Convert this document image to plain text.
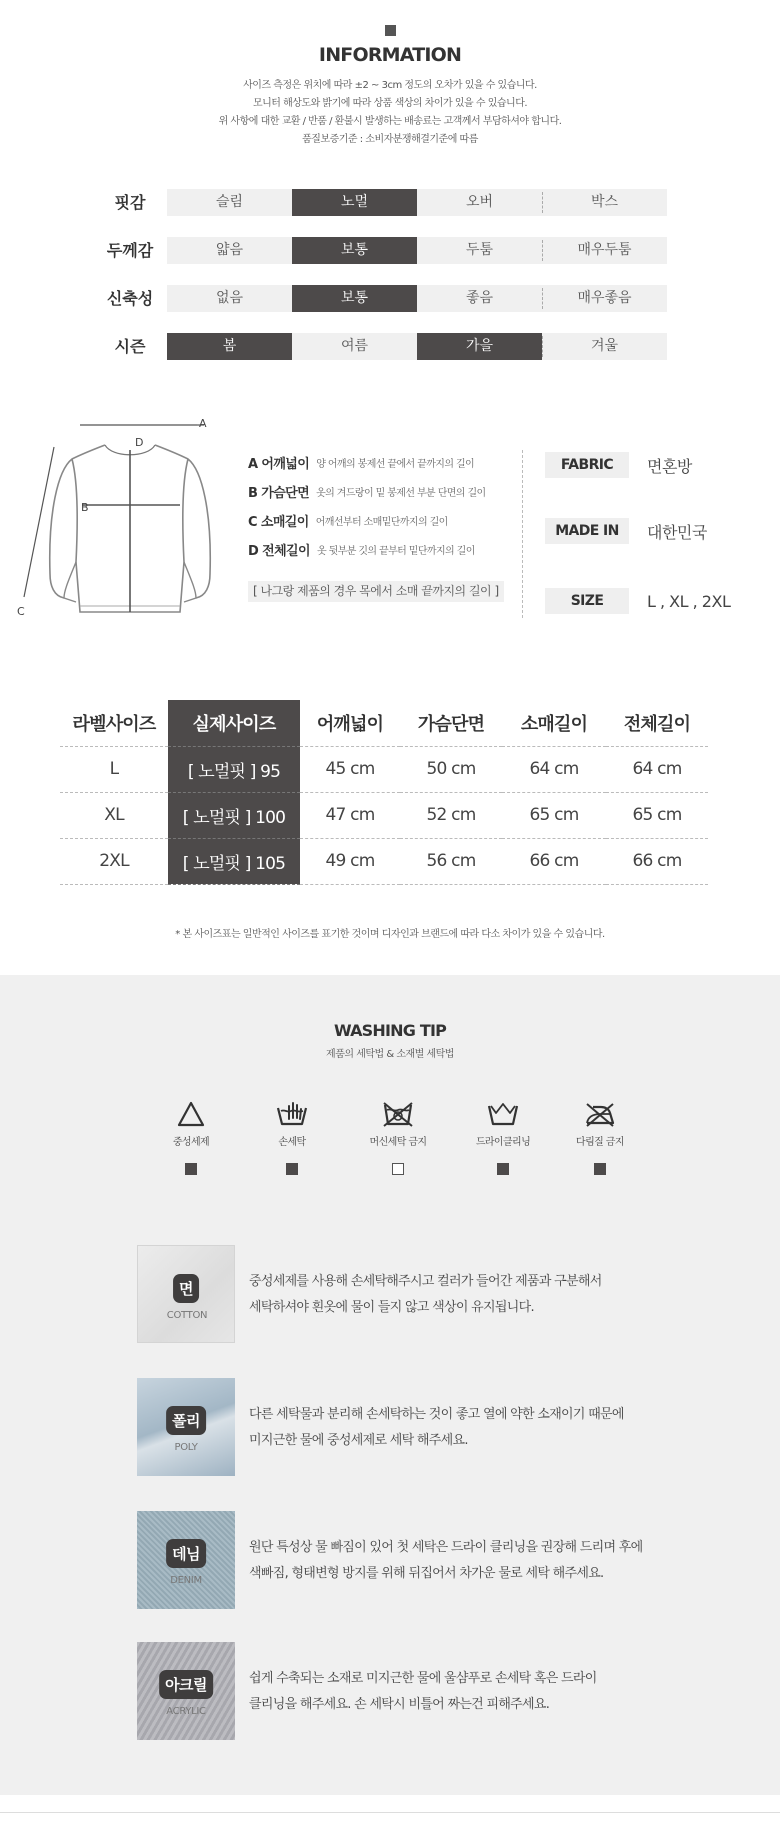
INFORMATION
사이즈 측정은 위치에 따라 ±2 ~ 3cm 정도의 오차가 있을 수 있습니다.
모니터 해상도와 밝기에 따라 상품 색상의 차이가 있을 수 있습니다.
위 사항에 대한 교환 / 반품 / 환불시 발생하는 배송료는 고객께서 부담하셔야 합니다.
품질보증기준 : 소비자분쟁해결기준에 따름
핏감	슬림	노멀	오버	박스
두께감	얇음	보통	두툼	매우두툼
신축성	없음	보통	좋음	매우좋음
시즌	봄	여름	가을	겨울
A
D
B
C
A 어깨넓이 양 어깨의 봉제선 끝에서 끝까지의 길이
B 가슴단면 옷의 겨드랑이 밑 봉제선 부분 단면의 길이
C 소매길이 어깨선부터 소매밑단까지의 길이
D 전체길이 옷 뒷부분 깃의 끝부터 밑단까지의 길이
[ 나그랑 제품의 경우 목에서 소매 끝까지의 길이 ]
FABRIC	면혼방
MADE IN	대한민국
SIZE	L , XL , 2XL
라벨사이즈	실제사이즈	어깨넓이	가슴단면	소매길이	전체길이
L	[ 노멀핏 ] 95	45 cm	50 cm	64 cm	64 cm
XL	[ 노멀핏 ] 100	47 cm	52 cm	65 cm	65 cm
2XL	[ 노멀핏 ] 105	49 cm	56 cm	66 cm	66 cm
* 본 사이즈표는 일반적인 사이즈를 표기한 것이며 디자인과 브랜드에 따라 다소 차이가 있을 수 있습니다.
WASHING TIP
제품의 세탁법 & 소재별 세탁법
중성세제	손세탁	머신세탁 금지	드라이클리닝	다림질 금지
면
COTTON
중성세제를 사용해 손세탁해주시고 컬러가 들어간 제품과 구분해서
세탁하셔야 흰옷에 물이 들지 않고 색상이 유지됩니다.
폴리
POLY
다른 세탁물과 분리해 손세탁하는 것이 좋고 열에 약한 소재이기 때문에
미지근한 물에 중성세제로 세탁 해주세요.
데님
DENIM
원단 특성상 물 빠짐이 있어 첫 세탁은 드라이 클리닝을 권장해 드리며 후에
색빠짐, 형태변형 방지를 위해 뒤집어서 차가운 물로 세탁 해주세요.
아크릴
ACRYLIC
쉽게 수축되는 소재로 미지근한 물에 울샴푸로 손세탁 혹은 드라이
클리닝을 해주세요. 손 세탁시 비틀어 짜는건 피해주세요.
